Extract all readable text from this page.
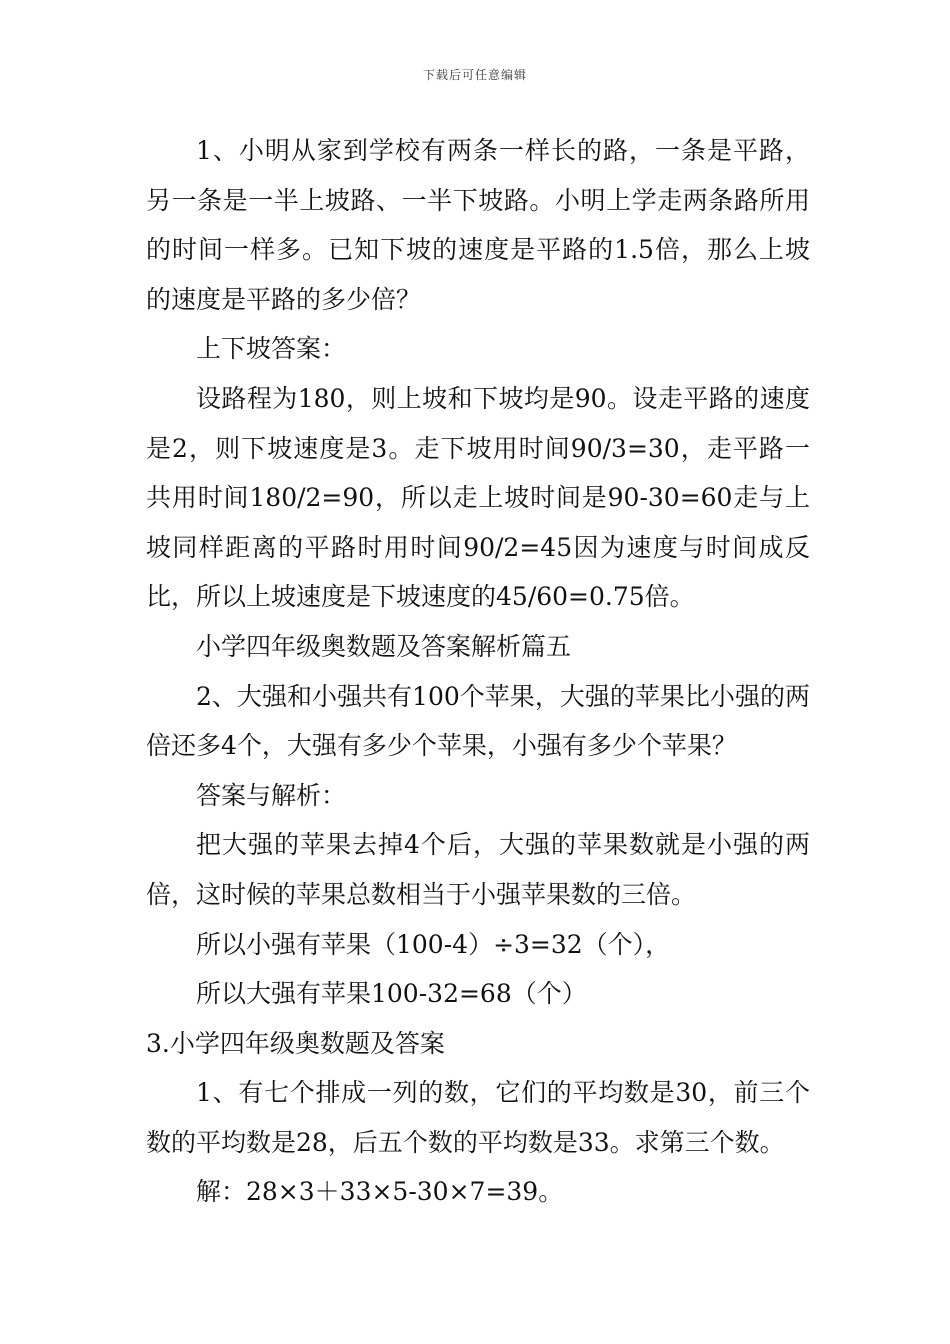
下载后可任意编辑

1、小明从家到学校有两条一样长的路，一条是平路，另一条是一半上坡路、一半下坡路。小明上学走两条路所用的时间一样多。已知下坡的速度是平路的1.5倍，那么上坡的速度是平路的多少倍？

上下坡答案：

设路程为180，则上坡和下坡均是90。设走平路的速度是2，则下坡速度是3。走下坡用时间90/3=30，走平路一共用时间180/2=90，所以走上坡时间是90-30=60走与上坡同样距离的平路时用时间90/2=45因为速度与时间成反比，所以上坡速度是下坡速度的45/60=0.75倍。

小学四年级奥数题及答案解析篇五

2、大强和小强共有100个苹果，大强的苹果比小强的两倍还多4个，大强有多少个苹果，小强有多少个苹果？

答案与解析：

把大强的苹果去掉4个后，大强的苹果数就是小强的两倍，这时候的苹果总数相当于小强苹果数的三倍。

所以小强有苹果（100-4）÷3=32（个），

所以大强有苹果100-32=68（个）

3.小学四年级奥数题及答案

1、有七个排成一列的数，它们的平均数是30，前三个数的平均数是28，后五个数的平均数是33。求第三个数。

解：28×3＋33×5-30×7=39。
